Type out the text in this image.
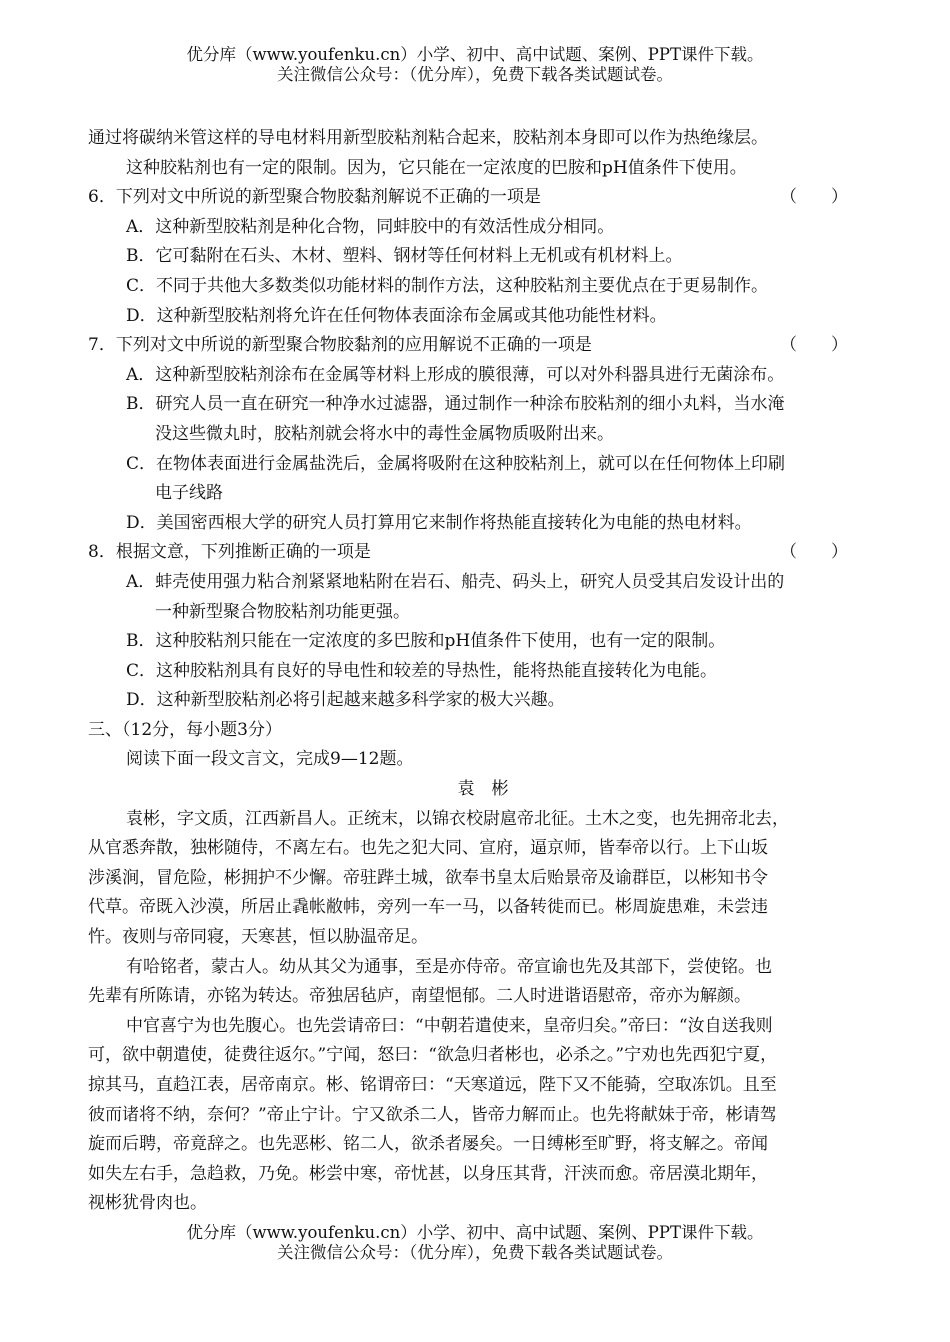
优分库（www.youfenku.cn）小学、初中、高中试题、案例、PPT课件下载。
关注微信公众号：（优分库），免费下载各类试题试卷。
通过将碳纳米管这样的导电材料用新型胶粘剂粘合起来，胶粘剂本身即可以作为热绝缘层。
这种胶粘剂也有一定的限制。因为，它只能在一定浓度的巴胺和pH值条件下使用。
6．下列对文中所说的新型聚合物胶黏剂解说不正确的一项是	（　　）
A．这种新型胶粘剂是种化合物，同蚌胶中的有效活性成分相同。
B．它可黏附在石头、木材、塑料、钢材等任何材料上无机或有机材料上。
C．不同于共他大多数类似功能材料的制作方法，这种胶粘剂主要优点在于更易制作。
D．这种新型胶粘剂将允许在任何物体表面涂布金属或其他功能性材料。
7．下列对文中所说的新型聚合物胶黏剂的应用解说不正确的一项是	（　　）
A．这种新型胶粘剂涂布在金属等材料上形成的膜很薄，可以对外科器具进行无菌涂布。
B．研究人员一直在研究一种净水过滤器，通过制作一种涂布胶粘剂的细小丸料，当水淹
没这些微丸时，胶粘剂就会将水中的毒性金属物质吸附出来。
C．在物体表面进行金属盐洗后，金属将吸附在这种胶粘剂上，就可以在任何物体上印刷
电子线路
D．美国密西根大学的研究人员打算用它来制作将热能直接转化为电能的热电材料。
8．根据文意，下列推断正确的一项是	（　　）
A．蚌壳使用强力粘合剂紧紧地粘附在岩石、船壳、码头上，研究人员受其启发设计出的
一种新型聚合物胶粘剂功能更强。
B．这种胶粘剂只能在一定浓度的多巴胺和pH值条件下使用，也有一定的限制。
C．这种胶粘剂具有良好的导电性和较差的导热性，能将热能直接转化为电能。
D．这种新型胶粘剂必将引起越来越多科学家的极大兴趣。
三、（12分，每小题3分）
阅读下面一段文言文，完成9—12题。
袁　彬
袁彬，字文质，江西新昌人。正统末，以锦衣校尉扈帝北征。土木之变，也先拥帝北去，
从官悉奔散，独彬随侍，不离左右。也先之犯大同、宣府，逼京师，皆奉帝以行。上下山坂
涉溪涧，冒危险，彬拥护不少懈。帝驻跸土城，欲奉书皇太后贻景帝及谕群臣，以彬知书令
代草。帝既入沙漠，所居止毳帐敝帏，旁列一车一马，以备转徙而已。彬周旋患难，未尝违
忤。夜则与帝同寝，天寒甚，恒以胁温帝足。
有哈铭者，蒙古人。幼从其父为通事，至是亦侍帝。帝宣谕也先及其部下，尝使铭。也
先辈有所陈请，亦铭为转达。帝独居毡庐，南望悒郁。二人时进谐语慰帝，帝亦为解颜。
中官喜宁为也先腹心。也先尝请帝曰：“中朝若遣使来，皇帝归矣。”帝曰：“汝自送我则
可，欲中朝遣使，徒费往返尔。”宁闻，怒曰：“欲急归者彬也，必杀之。”宁劝也先西犯宁夏，
掠其马，直趋江表，居帝南京。彬、铭谓帝曰：“天寒道远，陛下又不能骑，空取冻饥。且至
彼而诸将不纳，奈何？”帝止宁计。宁又欲杀二人，皆帝力解而止。也先将献妹于帝，彬请驾
旋而后聘，帝竟辞之。也先恶彬、铭二人，欲杀者屡矣。一日缚彬至旷野，将支解之。帝闻
如失左右手，急趋救，乃免。彬尝中寒，帝忧甚，以身压其背，汗浃而愈。帝居漠北期年，
视彬犹骨肉也。
优分库（www.youfenku.cn）小学、初中、高中试题、案例、PPT课件下载。
关注微信公众号：（优分库），免费下载各类试题试卷。
